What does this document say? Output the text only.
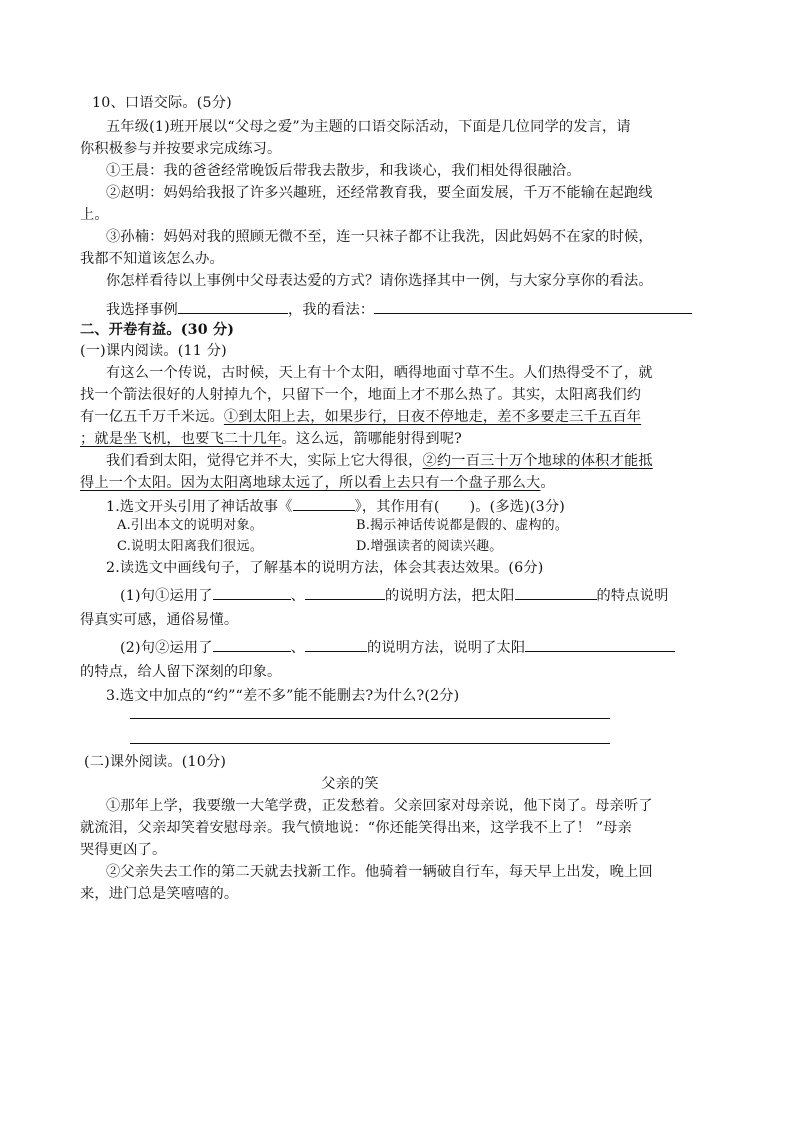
10、口语交际。(5分)
五年级(1)班开展以“父母之爱”为主题的口语交际活动，下面是几位同学的发言，请
你积极参与并按要求完成练习。
①王晨：我的爸爸经常晚饭后带我去散步，和我谈心，我们相处得很融洽。
②赵明：妈妈给我报了许多兴趣班，还经常教育我，要全面发展，千万不能输在起跑线
上。
③孙楠：妈妈对我的照顾无微不至，连一只袜子都不让我洗，因此妈妈不在家的时候，
我都不知道该怎么办。
你怎样看待以上事例中父母表达爱的方式？请你选择其中一例，与大家分享你的看法。
我选择事例	，我的看法：
二、开卷有益。(30 分)
(一)课内阅读。(11 分)
有这么一个传说，古时候，天上有十个太阳，晒得地面寸草不生。人们热得受不了，就
找一个箭法很好的人射掉九个，只留下一个，地面上才不那么热了。其实，太阳离我们约
有一亿五千万千米远。①到太阳上去，如果步行，日夜不停地走，差不多要走三千五百年
；就是坐飞机，也要飞二十几年。这么远，箭哪能射得到呢?
我们看到太阳，觉得它并不大，实际上它大得很，②约一百三十万个地球的体积才能抵
得上一个太阳。因为太阳离地球太远了，所以看上去只有一个盘子那么大。
1.选文开头引用了神话故事《	》，其作用有( )。(多选)(3分)
A.引出本文的说明对象。	B.揭示神话传说都是假的、虚构的。
C.说明太阳离我们很远。	D.增强读者的阅读兴趣。
2.读选文中画线句子，了解基本的说明方法，体会其表达效果。(6分)
(1)句①运用了	、	的说明方法，把太阳	的特点说明
得真实可感，通俗易懂。
(2)句②运用了	、	的说明方法，说明了太阳
的特点，给人留下深刻的印象。
3.选文中加点的“约”“差不多”能不能删去?为什么?(2分)
(二)课外阅读。(10分)
父亲的笑
①那年上学，我要缴一大笔学费，正发愁着。父亲回家对母亲说，他下岗了。母亲听了
就流泪，父亲却笑着安慰母亲。我气愤地说：“你还能笑得出来，这学我不上了！ ”母亲
哭得更凶了。
②父亲失去工作的第二天就去找新工作。他骑着一辆破自行车，每天早上出发，晚上回
来，进门总是笑嘻嘻的。
